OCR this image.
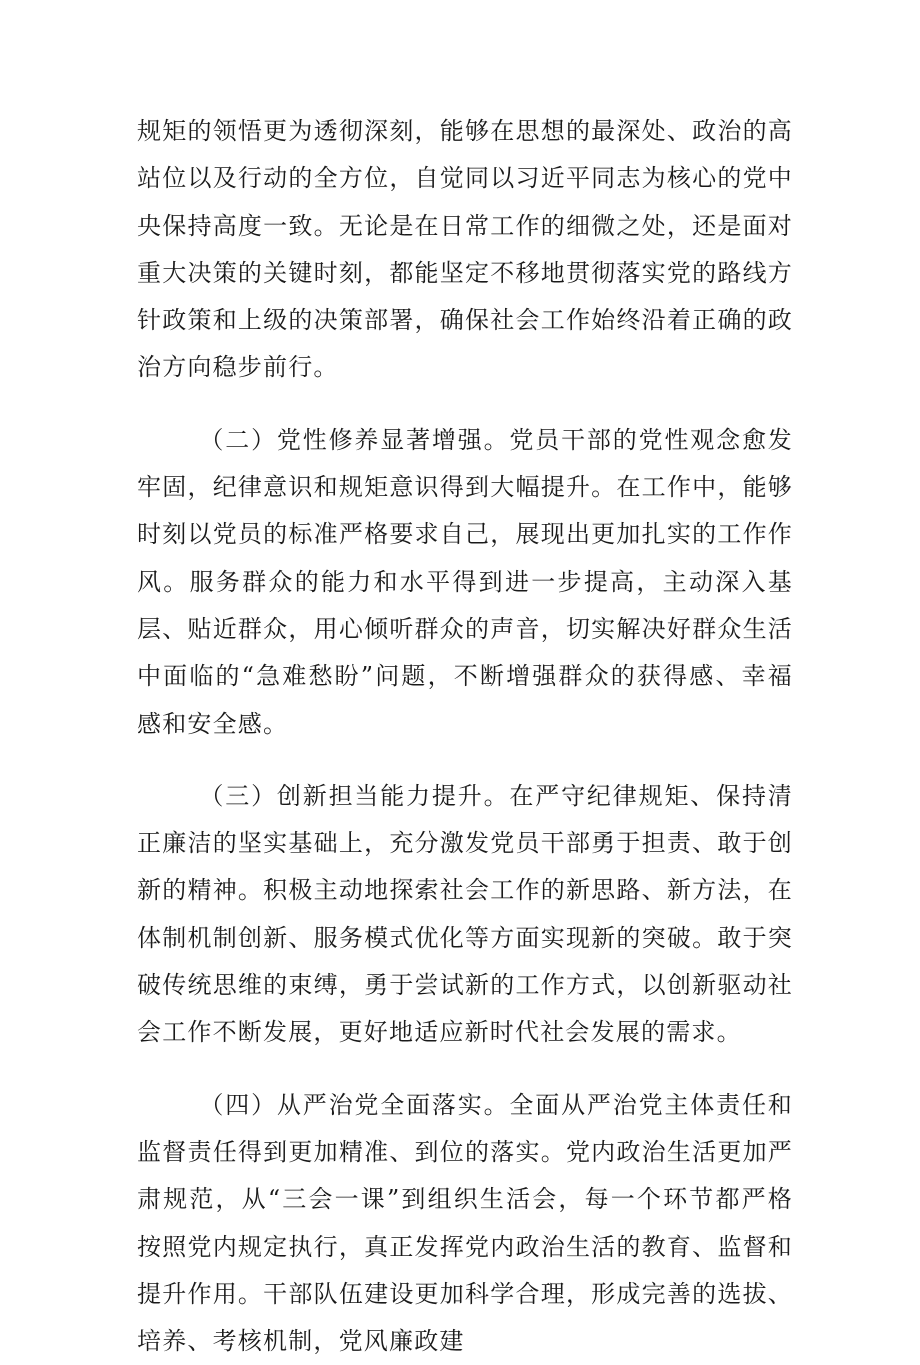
规矩的领悟更为透彻深刻，能够在思想的最深处、政治的高站位以及行动的全方位，自觉同以习近平同志为核心的党中央保持高度一致。无论是在日常工作的细微之处，还是面对重大决策的关键时刻，都能坚定不移地贯彻落实党的路线方针政策和上级的决策部署，确保社会工作始终沿着正确的政治方向稳步前行。

（二）党性修养显著增强。党员干部的党性观念愈发牢固，纪律意识和规矩意识得到大幅提升。在工作中，能够时刻以党员的标准严格要求自己，展现出更加扎实的工作作风。服务群众的能力和水平得到进一步提高，主动深入基层、贴近群众，用心倾听群众的声音，切实解决好群众生活中面临的“急难愁盼”问题，不断增强群众的获得感、幸福感和安全感。

（三）创新担当能力提升。在严守纪律规矩、保持清正廉洁的坚实基础上，充分激发党员干部勇于担责、敢于创新的精神。积极主动地探索社会工作的新思路、新方法，在体制机制创新、服务模式优化等方面实现新的突破。敢于突破传统思维的束缚，勇于尝试新的工作方式，以创新驱动社会工作不断发展，更好地适应新时代社会发展的需求。

（四）从严治党全面落实。全面从严治党主体责任和监督责任得到更加精准、到位的落实。党内政治生活更加严肃规范，从“三会一课”到组织生活会，每一个环节都严格按照党内规定执行，真正发挥党内政治生活的教育、监督和提升作用。干部队伍建设更加科学合理，形成完善的选拔、培养、考核机制，党风廉政建
